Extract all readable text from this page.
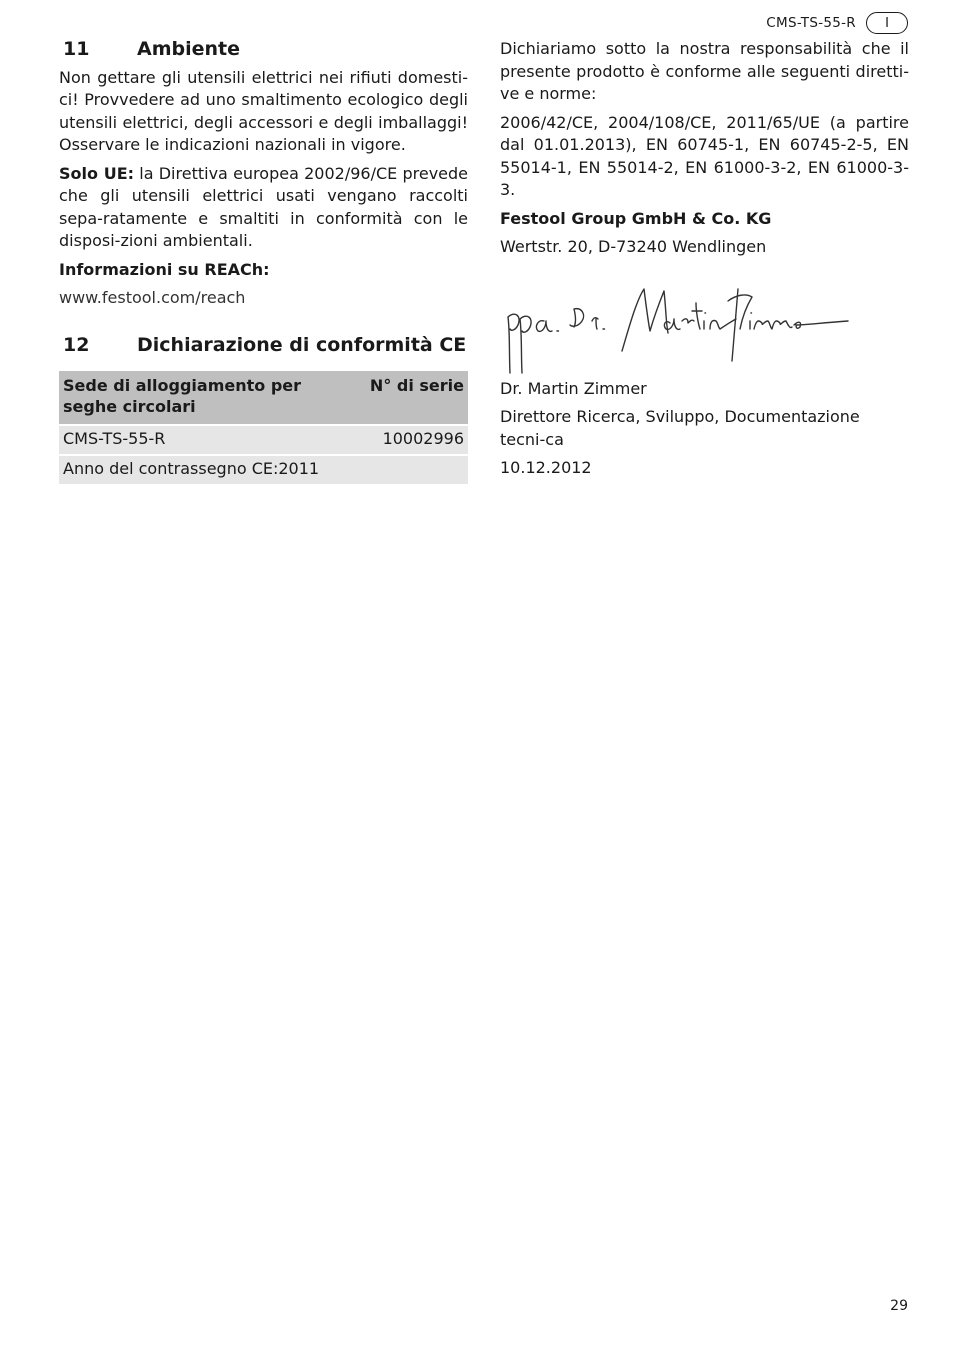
CMS-TS-55-R	I
11	Ambiente

Non gettare gli utensili elettrici nei rifiuti domesti-ci! Provvedere ad uno smaltimento ecologico degli utensili elettrici, degli accessori e degli imballaggi! Osservare le indicazioni nazionali in vigore.

Solo UE: la Direttiva europea 2002/96/CE prevede che gli utensili elettrici usati vengano raccolti sepa-ratamente e smaltiti in conformità con le disposi-zioni ambientali.

Informazioni su REACh:

www.festool.com/reach

12	Dichiarazione di conformità CE
Sede di alloggiamento per seghe circolari	N° di serie
CMS-TS-55-R	10002996
Anno del contrassegno CE:2011	

Dichiariamo sotto la nostra responsabilità che il presente prodotto è conforme alle seguenti diretti-ve e norme:

2006/42/CE, 2004/108/CE, 2011/65/UE (a partire dal 01.01.2013), EN 60745-1, EN 60745-2-5, EN 55014-1, EN 55014-2, EN 61000-3-2, EN 61000-3-3.

Festool Group GmbH & Co. KG

Wertstr. 20, D-73240 Wendlingen

Dr. Martin Zimmer

Direttore Ricerca, Sviluppo, Documentazione tecni-ca

10.12.2012

29
